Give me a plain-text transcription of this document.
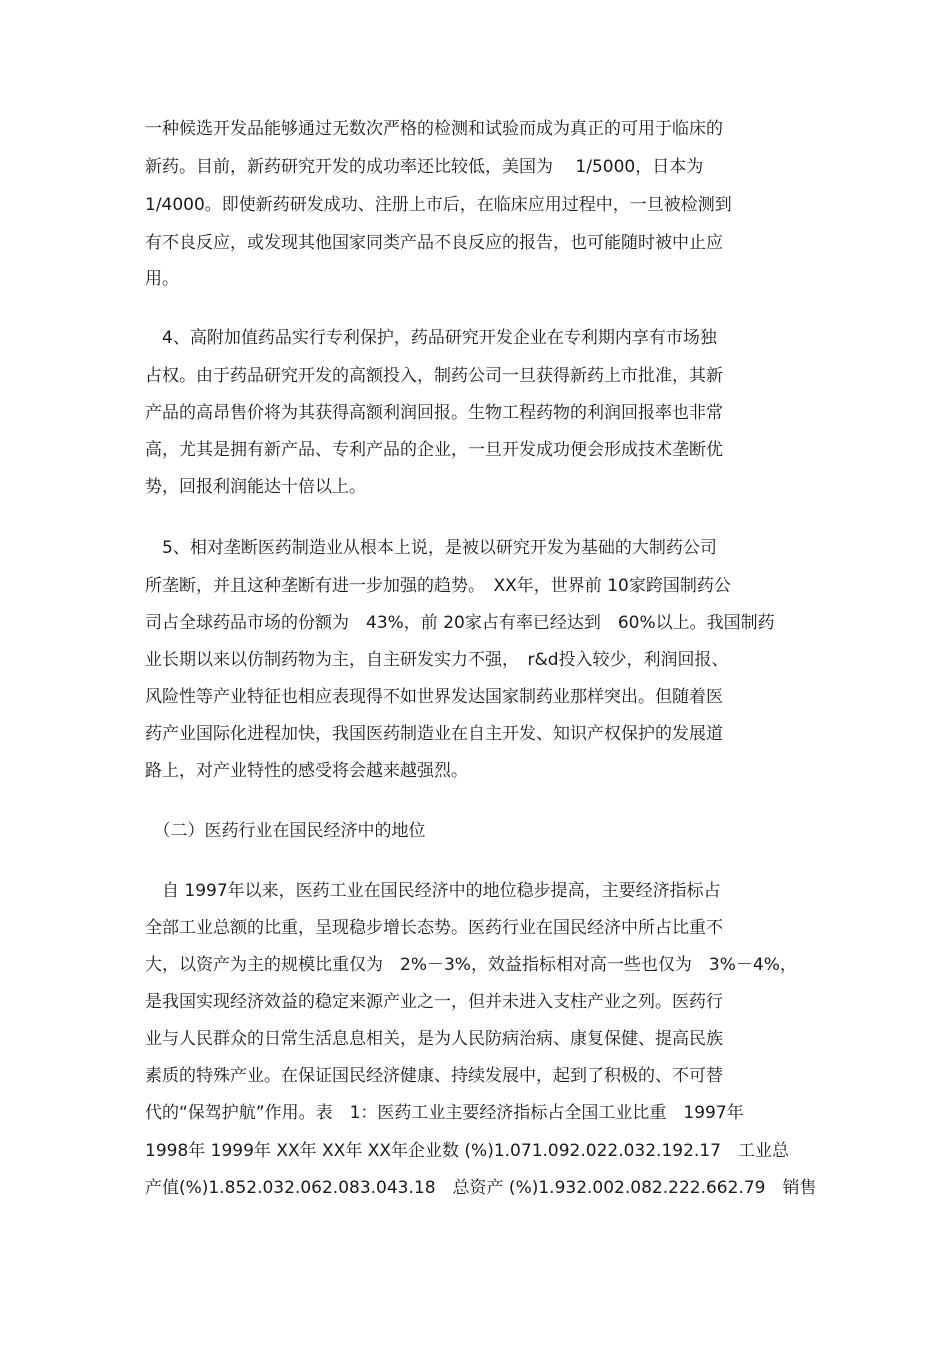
一种候选开发品能够通过无数次严格的检测和试验而成为真正的可用于临床的
新药。目前，新药研究开发的成功率还比较低，美国为　 1/5000，日本为
1/4000。即使新药研发成功、注册上市后，在临床应用过程中，一旦被检测到
有不良反应，或发现其他国家同类产品不良反应的报告，也可能随时被中止应
用。
　4、高附加值药品实行专利保护，药品研究开发企业在专利期内享有市场独
占权。由于药品研究开发的高额投入，制药公司一旦获得新药上市批准，其新
产品的高昂售价将为其获得高额利润回报。生物工程药物的利润回报率也非常
高，尤其是拥有新产品、专利产品的企业，一旦开发成功便会形成技术垄断优
势，回报利润能达十倍以上。
　5、相对垄断医药制造业从根本上说，是被以研究开发为基础的大制药公司
所垄断，并且这种垄断有进一步加强的趋势。　XX年，世界前 10家跨国制药公
司占全球药品市场的份额为　43%，前 20家占有率已经达到　60%以上。我国制药
业长期以来以仿制药物为主，自主研发实力不强，　r&d投入较少，利润回报、
风险性等产业特征也相应表现得不如世界发达国家制药业那样突出。但随着医
药产业国际化进程加快，我国医药制造业在自主开发、知识产权保护的发展道
路上，对产业特性的感受将会越来越强烈。
　（二）医药行业在国民经济中的地位
　自 1997年以来，医药工业在国民经济中的地位稳步提高，主要经济指标占
全部工业总额的比重，呈现稳步增长态势。医药行业在国民经济中所占比重不
大，以资产为主的规模比重仅为　2%－3%，效益指标相对高一些也仅为　3%－4%，
是我国实现经济效益的稳定来源产业之一，但并未进入支柱产业之列。医药行
业与人民群众的日常生活息息相关，是为人民防病治病、康复保健、提高民族
素质的特殊产业。在保证国民经济健康、持续发展中，起到了积极的、不可替
代的“保驾护航”作用。表　1：医药工业主要经济指标占全国工业比重　1997年
1998年 1999年 XX年 XX年 XX年企业数 (%)1.071.092.022.032.192.17　工业总
产值(%)1.852.032.062.083.043.18　总资产 (%)1.932.002.082.222.662.79　销售
